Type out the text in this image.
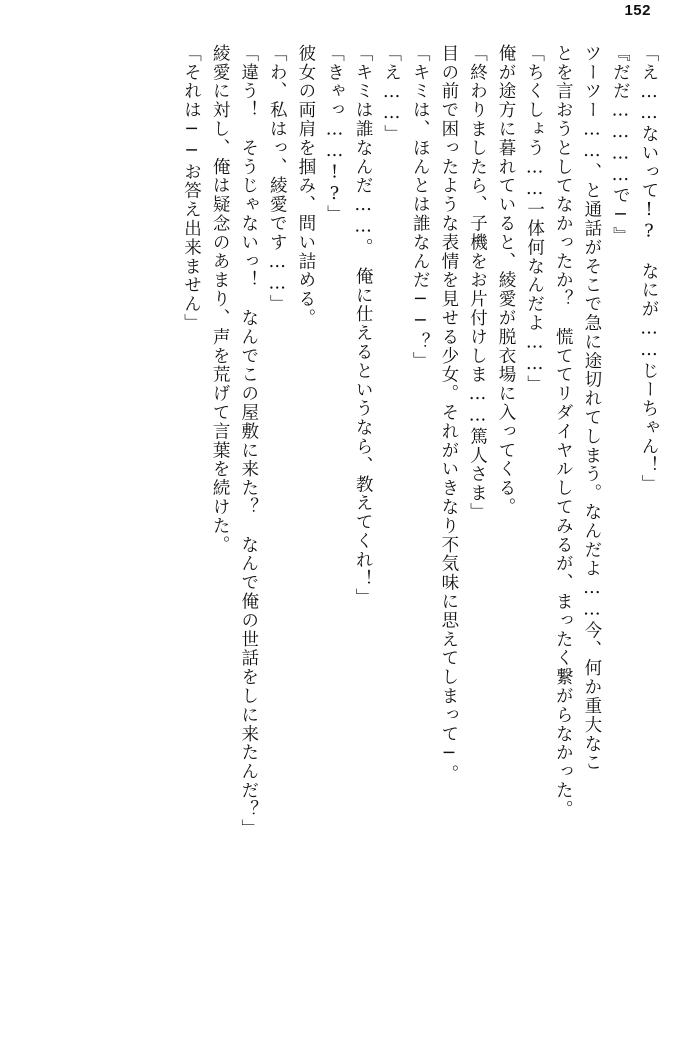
152
「え……ないって!?　なにが……じーちゃん！」
『だだ…………で─』
ツーツー……、と通話がそこで急に途切れてしまう。なんだよ……今、何か重大なこ
とを言おうとしてなかったか？　慌ててリダイヤルしてみるが、まったく繋がらなかった。
「ちくしょう……一体何なんだよ……」
俺が途方に暮れていると、綾愛が脱衣場に入ってくる。
「終わりましたら、子機をお片付けしま……篤人さま」
目の前で困ったような表情を見せる少女。それがいきなり不気味に思えてしまって─。
「キミは、ほんとは誰なんだ──？」
「え……」
「キミは誰なんだ……。　俺に仕えるというなら、教えてくれ！」
「きゃっ……!?」
彼女の両肩を掴み、問い詰める。
「わ、私はっ、綾愛です……」
「違う！　そうじゃないっ！　なんでこの屋敷に来た？　なんで俺の世話をしに来たんだ？」
綾愛に対し、俺は疑念のあまり、声を荒げて言葉を続けた。
「それは──お答え出来ません」
